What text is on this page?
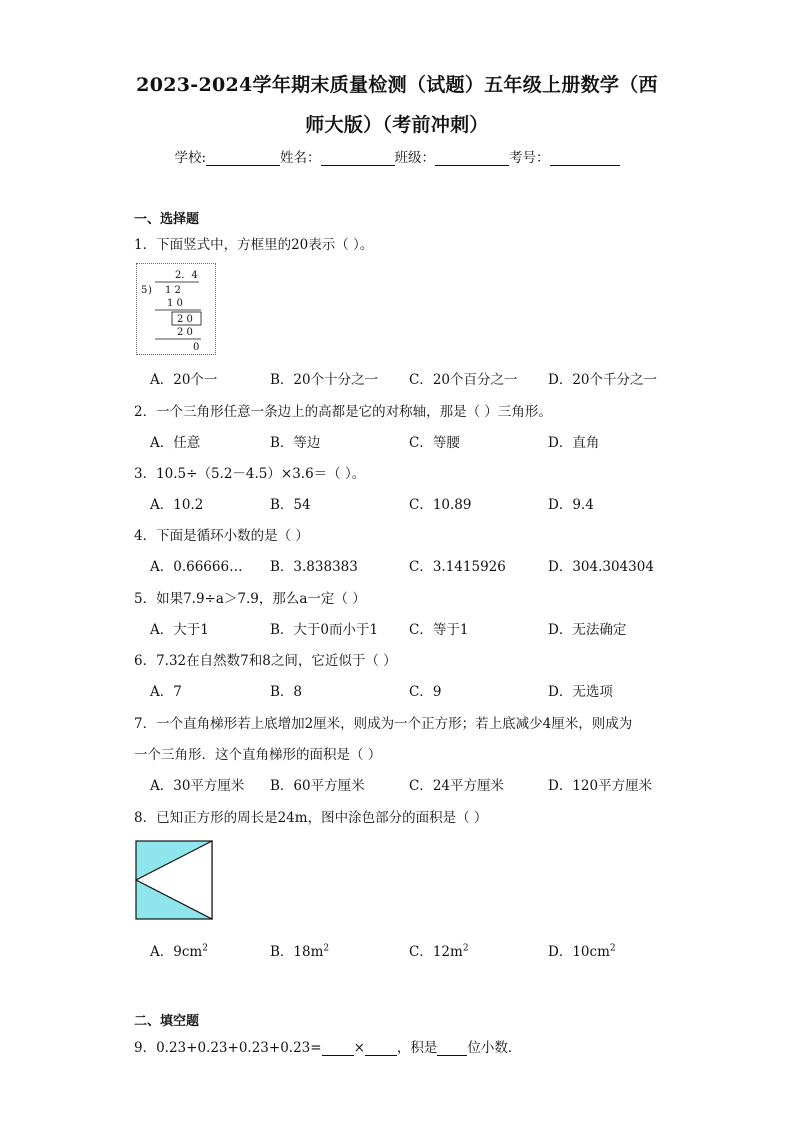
2023-2024学年期末质量检测（试题）五年级上册数学（西
师大版）（考前冲刺）
学校:	姓名：	班级：	考号：
一、选择题
1．下面竖式中，方框里的20表示（ ）。
2．4
5 ) 1 2
1 0
2 0
2 0
0
A．20个一	B．20个十分之一 C．20个百分之一 D．20个千分之一
2．一个三角形任意一条边上的高都是它的对称轴，那是（ ）三角形。
A．任意	B．等边	C．等腰	D．直角
3．10.5÷（5.2－4.5）×3.6＝（ ）。
A．10.2	B．54	C．10.89	D．9.4
4．下面是循环小数的是（ ）
A．0.66666… B．3.838383	C．3.1415926	D．304.304304
5．如果7.9÷a＞7.9，那么a一定（ ）
A．大于1	B．大于0而小于1 C．等于1	D．无法确定
6．7.32在自然数7和8之间，它近似于（ ）
A．7	B．8	C．9	D．无选项
7．一个直角梯形若上底增加2厘米，则成为一个正方形；若上底减少4厘米，则成为
一个三角形．这个直角梯形的面积是（ ）
A．30平方厘米 B．60平方厘米	C．24平方厘米	D．120平方厘米
8．已知正方形的周长是24m，图中涂色部分的面积是（ ）
A．$9cm^2$	B．$18m^2$	C．$12m^2$	D．$10cm^2$
二、填空题
9．0.23+0.23+0.23+0.23= × ，积是 位小数．
